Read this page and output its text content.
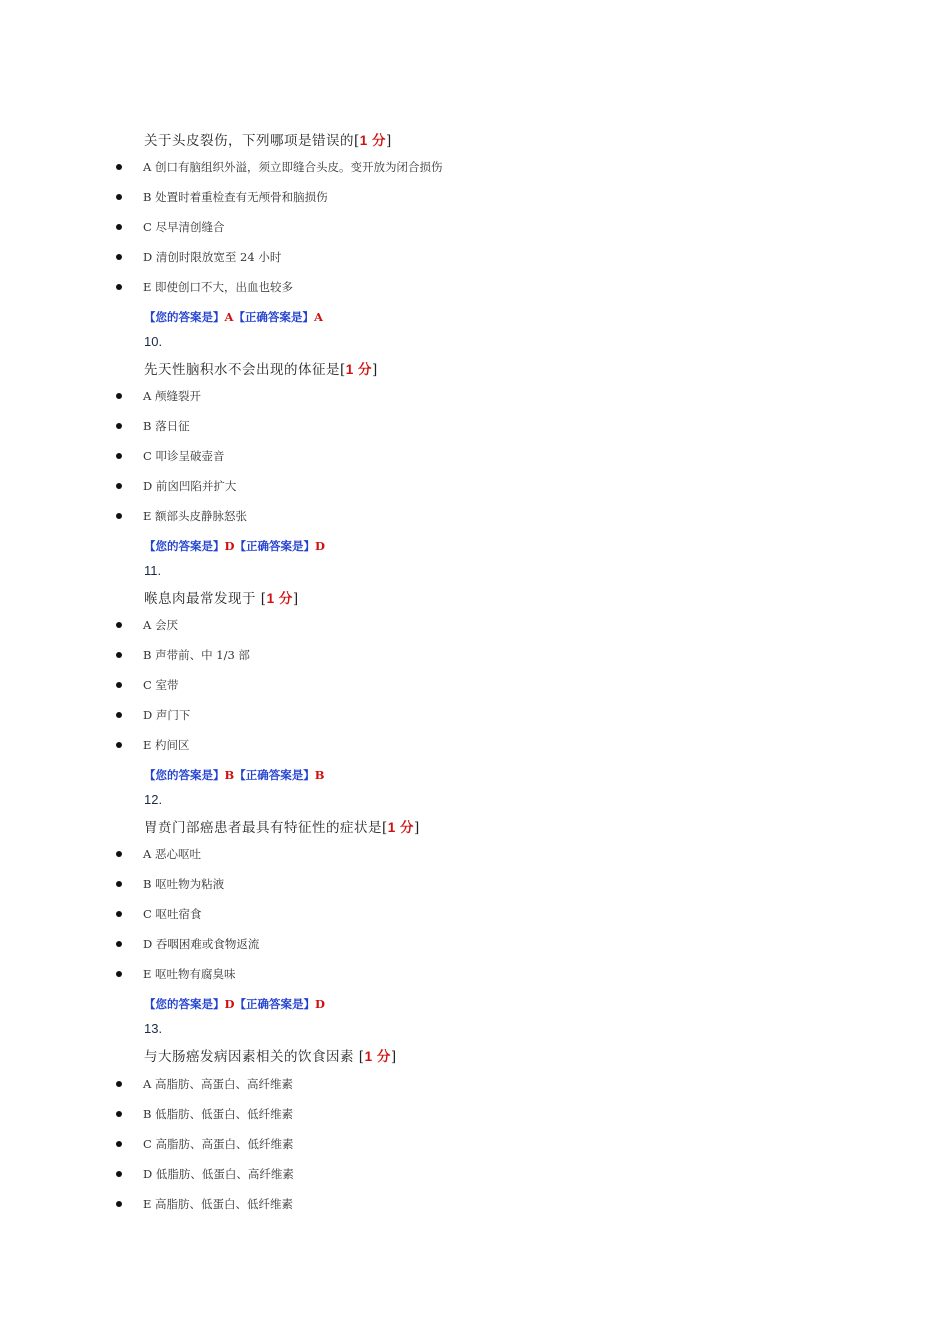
关于头皮裂伤，下列哪项是错误的[1 分]
A 创口有脑组织外溢，须立即缝合头皮。变开放为闭合损伤
B 处置时着重检查有无颅骨和脑损伤
C 尽早清创缝合
D 清创时限放宽至 24 小时
E 即使创口不大，出血也较多
【您的答案是】A【正确答案是】A
10.
先天性脑积水不会出现的体征是[1 分]
A 颅缝裂开
B 落日征
C 叩诊呈破壶音
D 前囟凹陷并扩大
E 额部头皮静脉怒张
【您的答案是】D【正确答案是】D
11.
喉息肉最常发现于 [1 分]
A 会厌
B 声带前、中 1/3 部
C 室带
D 声门下
E 杓间区
【您的答案是】B【正确答案是】B
12.
胃贲门部癌患者最具有特征性的症状是[1 分]
A 恶心呕吐
B 呕吐物为粘液
C 呕吐宿食
D 吞咽困难或食物返流
E 呕吐物有腐臭味
【您的答案是】D【正确答案是】D
13.
与大肠癌发病因素相关的饮食因素 [1 分]
A 高脂肪、高蛋白、高纤维素
B 低脂肪、低蛋白、低纤维素
C 高脂肪、高蛋白、低纤维素
D 低脂肪、低蛋白、高纤维素
E 高脂肪、低蛋白、低纤维素
